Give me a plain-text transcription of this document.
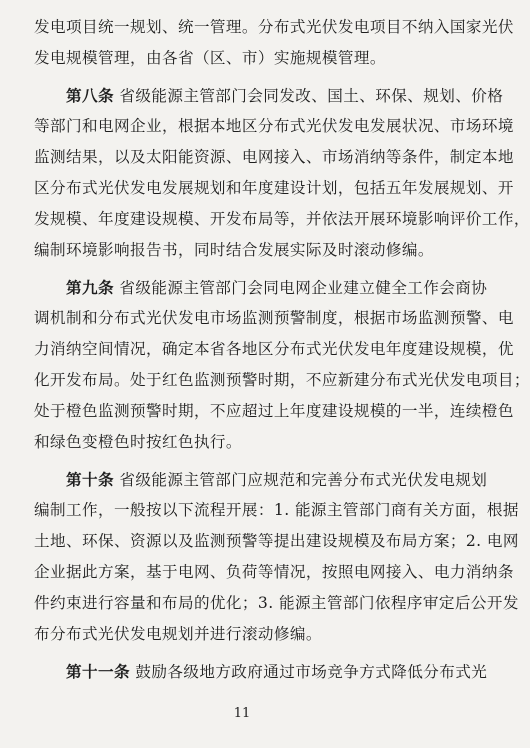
发电项目统一规划、统一管理。分布式光伏发电项目不纳入国家光伏
发电规模管理，由各省（区、市）实施规模管理。
第八条 省级能源主管部门会同发改、国土、环保、规划、价格
等部门和电网企业，根据本地区分布式光伏发电发展状况、市场环境
监测结果，以及太阳能资源、电网接入、市场消纳等条件，制定本地
区分布式光伏发电发展规划和年度建设计划，包括五年发展规划、开
发规模、年度建设规模、开发布局等，并依法开展环境影响评价工作，
编制环境影响报告书，同时结合发展实际及时滚动修编。
第九条 省级能源主管部门会同电网企业建立健全工作会商协
调机制和分布式光伏发电市场监测预警制度，根据市场监测预警、电
力消纳空间情况，确定本省各地区分布式光伏发电年度建设规模，优
化开发布局。处于红色监测预警时期，不应新建分布式光伏发电项目；
处于橙色监测预警时期，不应超过上年度建设规模的一半，连续橙色
和绿色变橙色时按红色执行。
第十条 省级能源主管部门应规范和完善分布式光伏发电规划
编制工作，一般按以下流程开展：1. 能源主管部门商有关方面，根据
土地、环保、资源以及监测预警等提出建设规模及布局方案；2. 电网
企业据此方案，基于电网、负荷等情况，按照电网接入、电力消纳条
件约束进行容量和布局的优化；3. 能源主管部门依程序审定后公开发
布分布式光伏发电规划并进行滚动修编。
第十一条 鼓励各级地方政府通过市场竞争方式降低分布式光
11
